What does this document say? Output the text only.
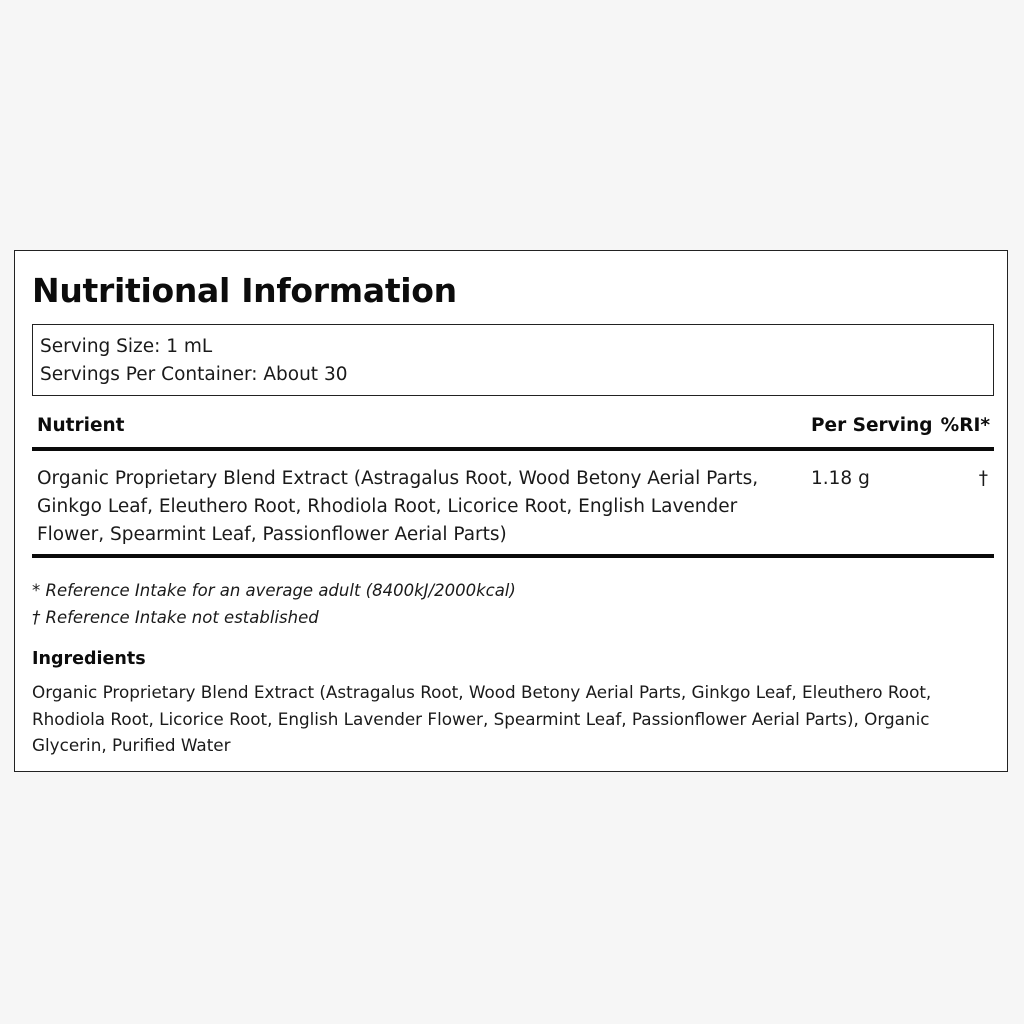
Nutritional Information
Serving Size: 1 mL
Servings Per Container: About 30
Nutrient	Per Serving %RI*
Organic Proprietary Blend Extract (Astragalus Root, Wood Betony Aerial Parts, Ginkgo Leaf, Eleuthero Root, Rhodiola Root, Licorice Root, English Lavender Flower, Spearmint Leaf, Passionflower Aerial Parts)
1.18 g	†
* Reference Intake for an average adult (8400kJ/2000kcal)
† Reference Intake not established
Ingredients

Organic Proprietary Blend Extract (Astragalus Root, Wood Betony Aerial Parts, Ginkgo Leaf, Eleuthero Root, Rhodiola Root, Licorice Root, English Lavender Flower, Spearmint Leaf, Passionflower Aerial Parts), Organic Glycerin, Purified Water
